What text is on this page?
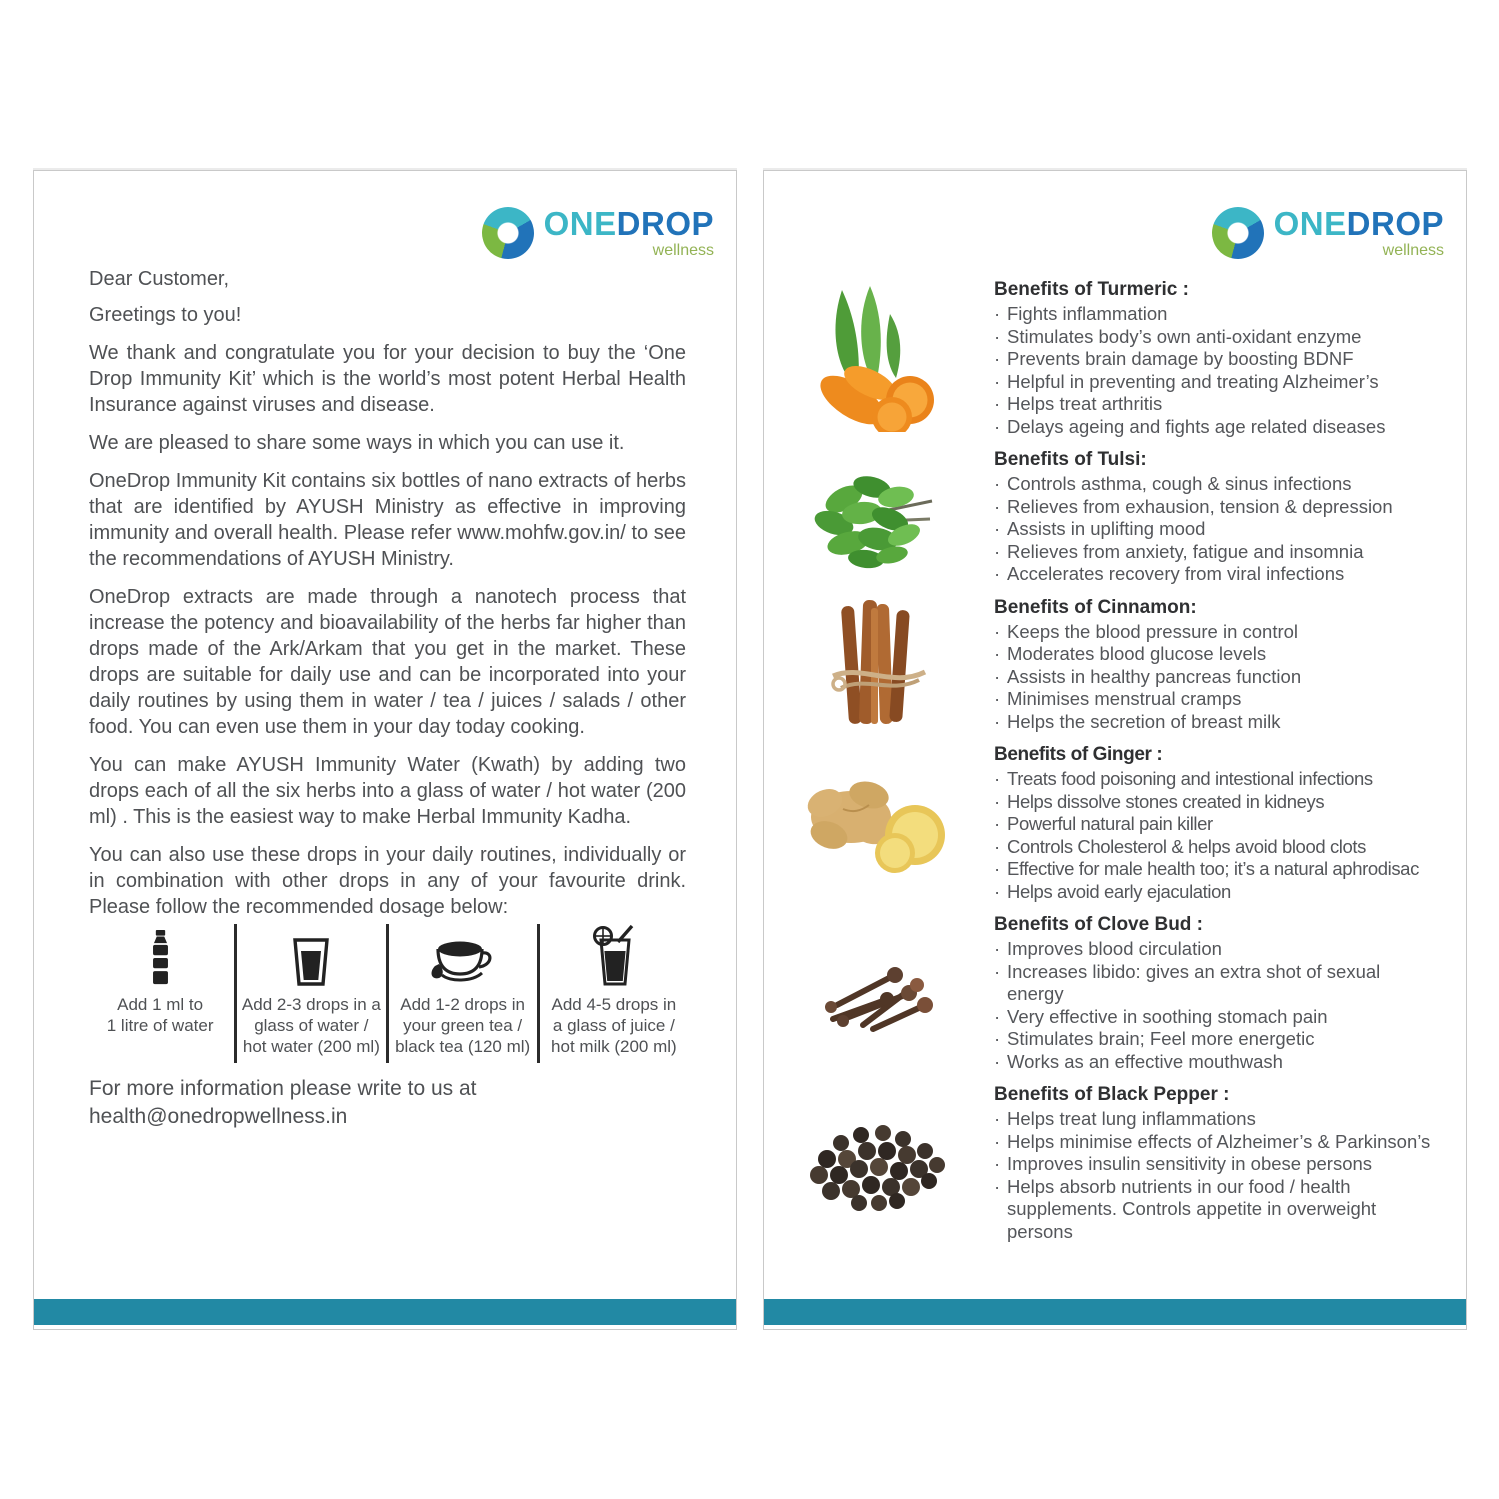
ONEDROP
wellness

Dear Customer,

Greetings to you!

We thank and congratulate you for your decision to buy the ‘One Drop Immunity Kit’ which is the world’s most potent Herbal Health Insurance against viruses and disease.

We are pleased to share some ways in which you can use it.

OneDrop Immunity Kit contains six bottles of nano extracts of herbs that are identified by AYUSH Ministry as effective in improving immunity and overall health. Please refer www.mohfw.gov.in/ to see the recommendations of AYUSH Ministry.

OneDrop extracts are made through a nanotech process that increase the potency and bioavailability of the herbs far higher than drops made of the Ark/Arkam that you get in the market. These drops are suitable for daily use and can be incorporated into your daily routines by using them in water / tea / juices / salads / other food. You can even use them in your day today cooking.

You can make AYUSH Immunity Water (Kwath) by adding two drops each of all the six herbs into a glass of water / hot water (200 ml) . This is the easiest way to make Herbal Immunity Kadha.

You can also use these drops in your daily routines, individually or in combination with other drops in any of your favourite drink. Please follow the recommended dosage below:

Add 1 ml to
1 litre of water
Add 2-3 drops in a
glass of water /
hot water (200 ml)
Add 1-2 drops in
your green tea /
black tea (120 ml)
Add 4-5 drops in
a glass of juice /
hot milk (200 ml)

For more information please write to us at

health@onedropwellness.in

ONEDROP
wellness
Benefits of Turmeric :
· Fights inflammation
· Stimulates body’s own anti-oxidant enzyme
· Prevents brain damage by boosting BDNF
· Helpful in preventing and treating Alzheimer’s
· Helps treat arthritis
· Delays ageing and fights age related diseases
Benefits of Tulsi:
· Controls asthma, cough & sinus infections
· Relieves from exhausion, tension & depression
· Assists in uplifting mood
· Relieves from anxiety, fatigue and insomnia
· Accelerates recovery from viral infections
Benefits of Cinnamon:
· Keeps the blood pressure in control
· Moderates blood glucose levels
· Assists in healthy pancreas function
· Minimises menstrual cramps
· Helps the secretion of breast milk
Benefits of Ginger :
· Treats food poisoning and intestional infections
· Helps dissolve stones created in kidneys
· Powerful natural pain killer
· Controls Cholesterol & helps avoid blood clots
· Effective for male health too; it’s a natural aphrodisac
· Helps avoid early ejaculation
Benefits of Clove Bud :
· Improves blood circulation
· Increases libido: gives an extra shot of sexual energy
· Very effective in soothing stomach pain
· Stimulates brain; Feel more energetic
· Works as an effective mouthwash
Benefits of Black Pepper :
· Helps treat lung inflammations
· Helps minimise effects of Alzheimer’s & Parkinson’s
· Improves insulin sensitivity in obese persons
· Helps absorb nutrients in our food / health supplements. Controls appetite in overweight persons
